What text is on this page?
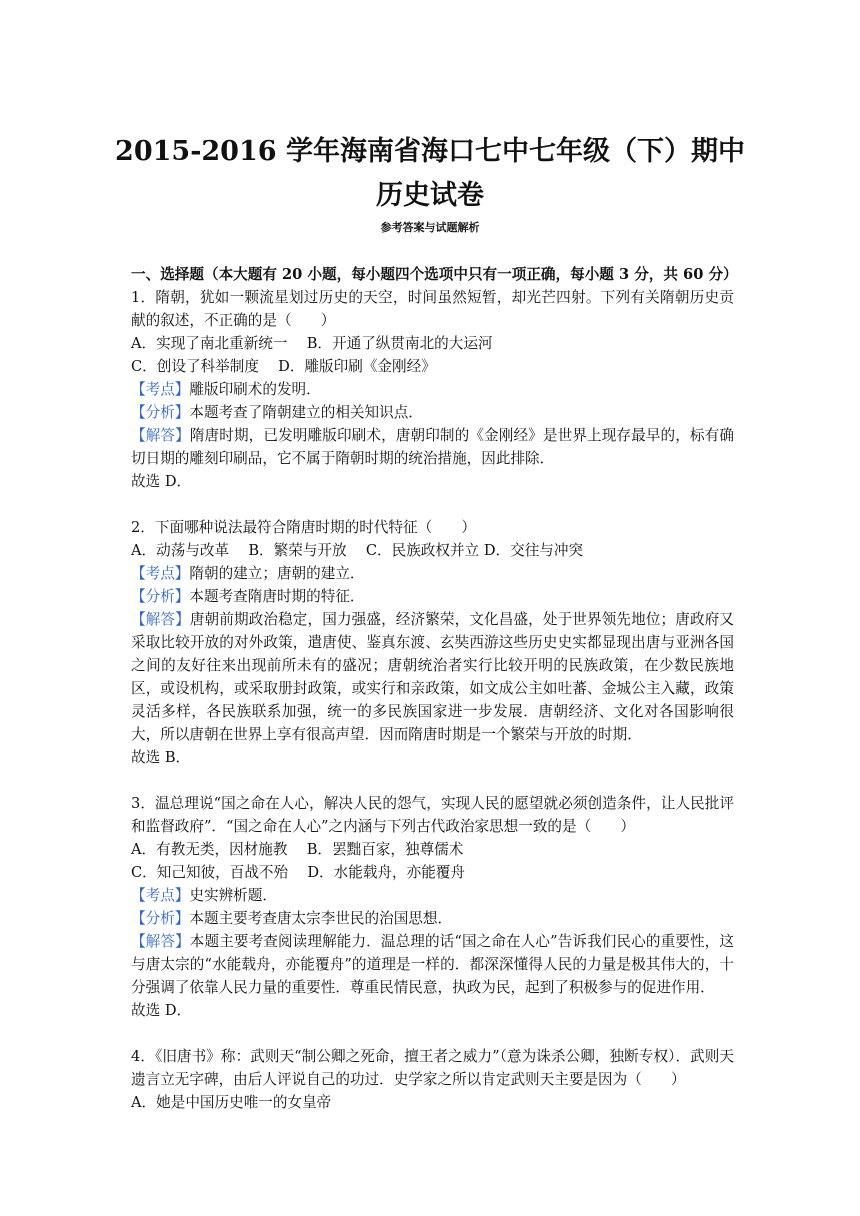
2015-2016 学年海南省海口七中七年级（下）期中历史试卷
参考答案与试题解析

一、选择题（本大题有 20 小题，每小题四个选项中只有一项正确，每小题 3 分，共 60 分）

1．隋朝，犹如一颗流星划过历史的天空，时间虽然短暂，却光芒四射。下列有关隋朝历史贡献的叙述，不正确的是（　　）

A．实现了南北重新统一　 B．开通了纵贯南北的大运河

C．创设了科举制度　 D．雕版印刷《金刚经》

【考点】雕版印刷术的发明．

【分析】本题考查了隋朝建立的相关知识点．

【解答】隋唐时期，已发明雕版印刷术，唐朝印制的《金刚经》是世界上现存最早的，标有确切日期的雕刻印刷品，它不属于隋朝时期的统治措施，因此排除．

故选 D．

2．下面哪种说法最符合隋唐时期的时代特征（　　）

A．动荡与改革　 B．繁荣与开放　 C．民族政权并立 D．交往与冲突

【考点】隋朝的建立；唐朝的建立．

【分析】本题考查隋唐时期的特征．

【解答】唐朝前期政治稳定，国力强盛，经济繁荣，文化昌盛，处于世界领先地位；唐政府又采取比较开放的对外政策，遣唐使、鉴真东渡、玄奘西游这些历史史实都显现出唐与亚洲各国之间的友好往来出现前所未有的盛况；唐朝统治者实行比较开明的民族政策，在少数民族地区，或设机构，或采取册封政策，或实行和亲政策，如文成公主如吐蕃、金城公主入藏，政策灵活多样，各民族联系加强，统一的多民族国家进一步发展．唐朝经济、文化对各国影响很大，所以唐朝在世界上享有很高声望．因而隋唐时期是一个繁荣与开放的时期．

故选 B．

3．温总理说“国之命在人心，解决人民的怨气，实现人民的愿望就必须创造条件，让人民批评和监督政府”．“国之命在人心”之内涵与下列古代政治家思想一致的是（　　）

A．有教无类，因材施教　 B．罢黜百家，独尊儒术

C．知己知彼，百战不殆　 D．水能载舟，亦能覆舟

【考点】史实辨析题．

【分析】本题主要考查唐太宗李世民的治国思想．

【解答】本题主要考查阅读理解能力．温总理的话“国之命在人心”告诉我们民心的重要性，这与唐太宗的“水能载舟，亦能覆舟”的道理是一样的．都深深懂得人民的力量是极其伟大的，十分强调了依靠人民力量的重要性．尊重民情民意，执政为民，起到了积极参与的促进作用．

故选 D．

4．《旧唐书》称：武则天“制公卿之死命，擅王者之威力”（意为诛杀公卿，独断专权）．武则天遗言立无字碑，由后人评说自己的功过．史学家之所以肯定武则天主要是因为（　　）

A．她是中国历史唯一的女皇帝
